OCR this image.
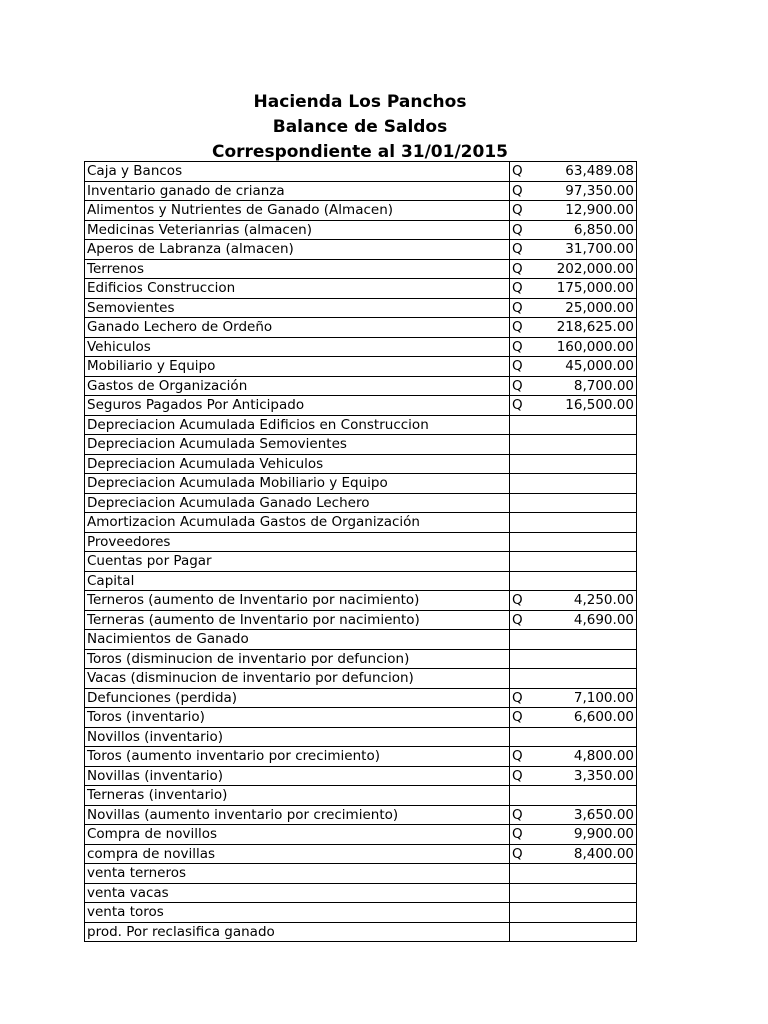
Hacienda Los Panchos
Balance de Saldos
Correspondiente al 31/01/2015
Caja y Bancos	Q	63,489.08
Inventario ganado de crianza	Q	97,350.00
Alimentos y Nutrientes de Ganado (Almacen)	Q	12,900.00
Medicinas Veterianrias (almacen)	Q	6,850.00
Aperos de Labranza (almacen)	Q	31,700.00
Terrenos	Q	202,000.00
Edificios Construccion	Q	175,000.00
Semovientes	Q	25,000.00
Ganado Lechero de Ordeño	Q	218,625.00
Vehiculos	Q	160,000.00
Mobiliario y Equipo	Q	45,000.00
Gastos de Organización	Q	8,700.00
Seguros Pagados Por Anticipado	Q	16,500.00
Depreciacion Acumulada Edificios en Construccion		
Depreciacion Acumulada Semovientes		
Depreciacion Acumulada Vehiculos		
Depreciacion Acumulada Mobiliario y Equipo		
Depreciacion Acumulada Ganado Lechero		
Amortizacion Acumulada Gastos de Organización		
Proveedores		
Cuentas por Pagar		
Capital		
Terneros (aumento de Inventario por nacimiento)	Q	4,250.00
Terneras (aumento de Inventario por nacimiento)	Q	4,690.00
Nacimientos de Ganado		
Toros (disminucion de inventario por defuncion)		
Vacas (disminucion de inventario por defuncion)		
Defunciones (perdida)	Q	7,100.00
Toros (inventario)	Q	6,600.00
Novillos (inventario)		
Toros (aumento inventario por crecimiento)	Q	4,800.00
Novillas (inventario)	Q	3,350.00
Terneras (inventario)		
Novillas (aumento inventario por crecimiento)	Q	3,650.00
Compra de novillos	Q	9,900.00
compra de novillas	Q	8,400.00
venta terneros		
venta vacas		
venta toros		
prod. Por reclasifica ganado		
